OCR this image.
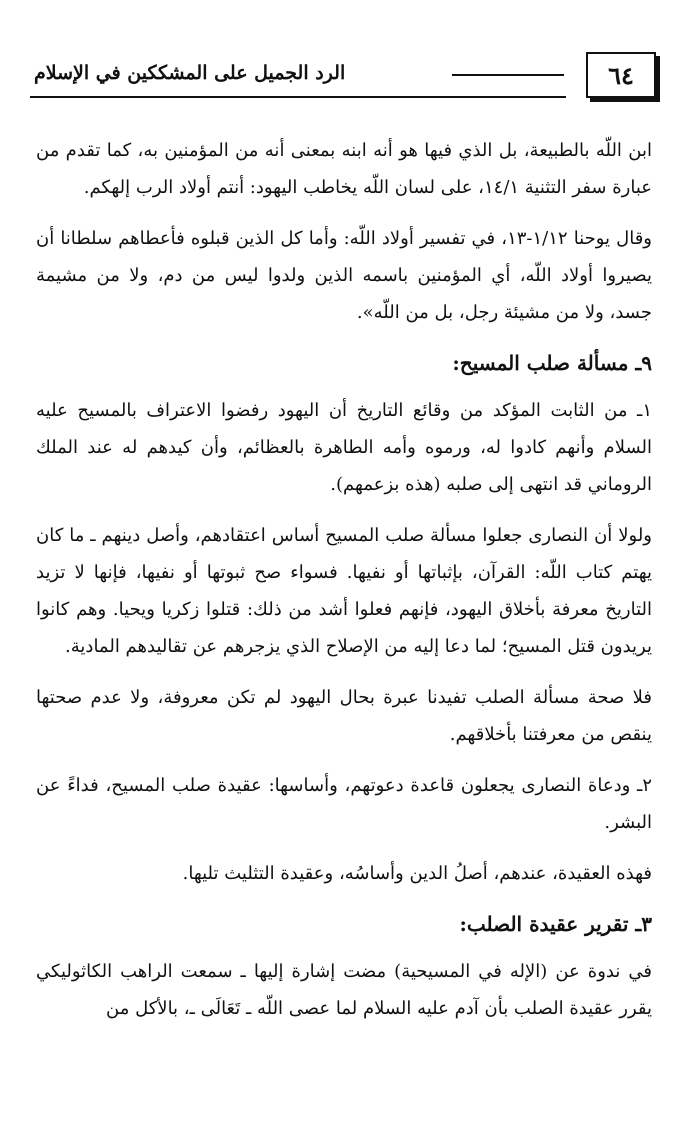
٦٤
الرد الجميل على المشككين في الإسلام

ابن اللّه بالطبيعة، بل الذي فيها هو أنه ابنه بمعنى أنه من المؤمنين به، كما تقدم من عبارة سفر التثنية ١٤/١، على لسان اللّه يخاطب اليهود: أنتم أولاد الرب إلهكم.

وقال يوحنا ١/١٢-١٣، في تفسير أولاد اللّه: وأما كل الذين قبلوه فأعطاهم سلطانا أن يصيروا أولاد اللّه، أي المؤمنين باسمه الذين ولدوا ليس من دم، ولا من مشيمة جسد، ولا من مشيئة رجل، بل من اللّه».

٩ـ مسألة صلب المسيح:

١ـ من الثابت المؤكد من وقائع التاريخ أن اليهود رفضوا الاعتراف بالمسيح عليه السلام وأنهم كادوا له، ورموه وأمه الطاهرة بالعظائم، وأن كيدهم له عند الملك الروماني قد انتهى إلى صلبه (هذه بزعمهم).

ولولا أن النصارى جعلوا مسألة صلب المسيح أساس اعتقادهم، وأصل دينهم ـ ما كان يهتم كتاب اللّه: القرآن، بإثباتها أو نفيها. فسواء صح ثبوتها أو نفيها، فإنها لا تزيد التاريخ معرفة بأخلاق اليهود، فإنهم فعلوا أشد من ذلك: قتلوا زكريا ويحيا. وهم كانوا يريدون قتل المسيح؛ لما دعا إليه من الإصلاح الذي يزجرهم عن تقاليدهم المادية.

فلا صحة مسألة الصلب تفيدنا عبرة بحال اليهود لم تكن معروفة، ولا عدم صحتها ينقص من معرفتنا بأخلاقهم.

٢ـ ودعاة النصارى يجعلون قاعدة دعوتهم، وأساسها: عقيدة صلب المسيح، فداءً عن البشر.

فهذه العقيدة، عندهم، أصلُ الدين وأساسُه، وعقيدة التثليث تليها.

٣ـ تقرير عقيدة الصلب:

في ندوة عن (الإله في المسيحية) مضت إشارة إليها ـ سمعت الراهب الكاثوليكي يقرر عقيدة الصلب بأن آدم عليه السلام لما عصى اللّه ـ تَعَالَى ـ، بالأكل من
